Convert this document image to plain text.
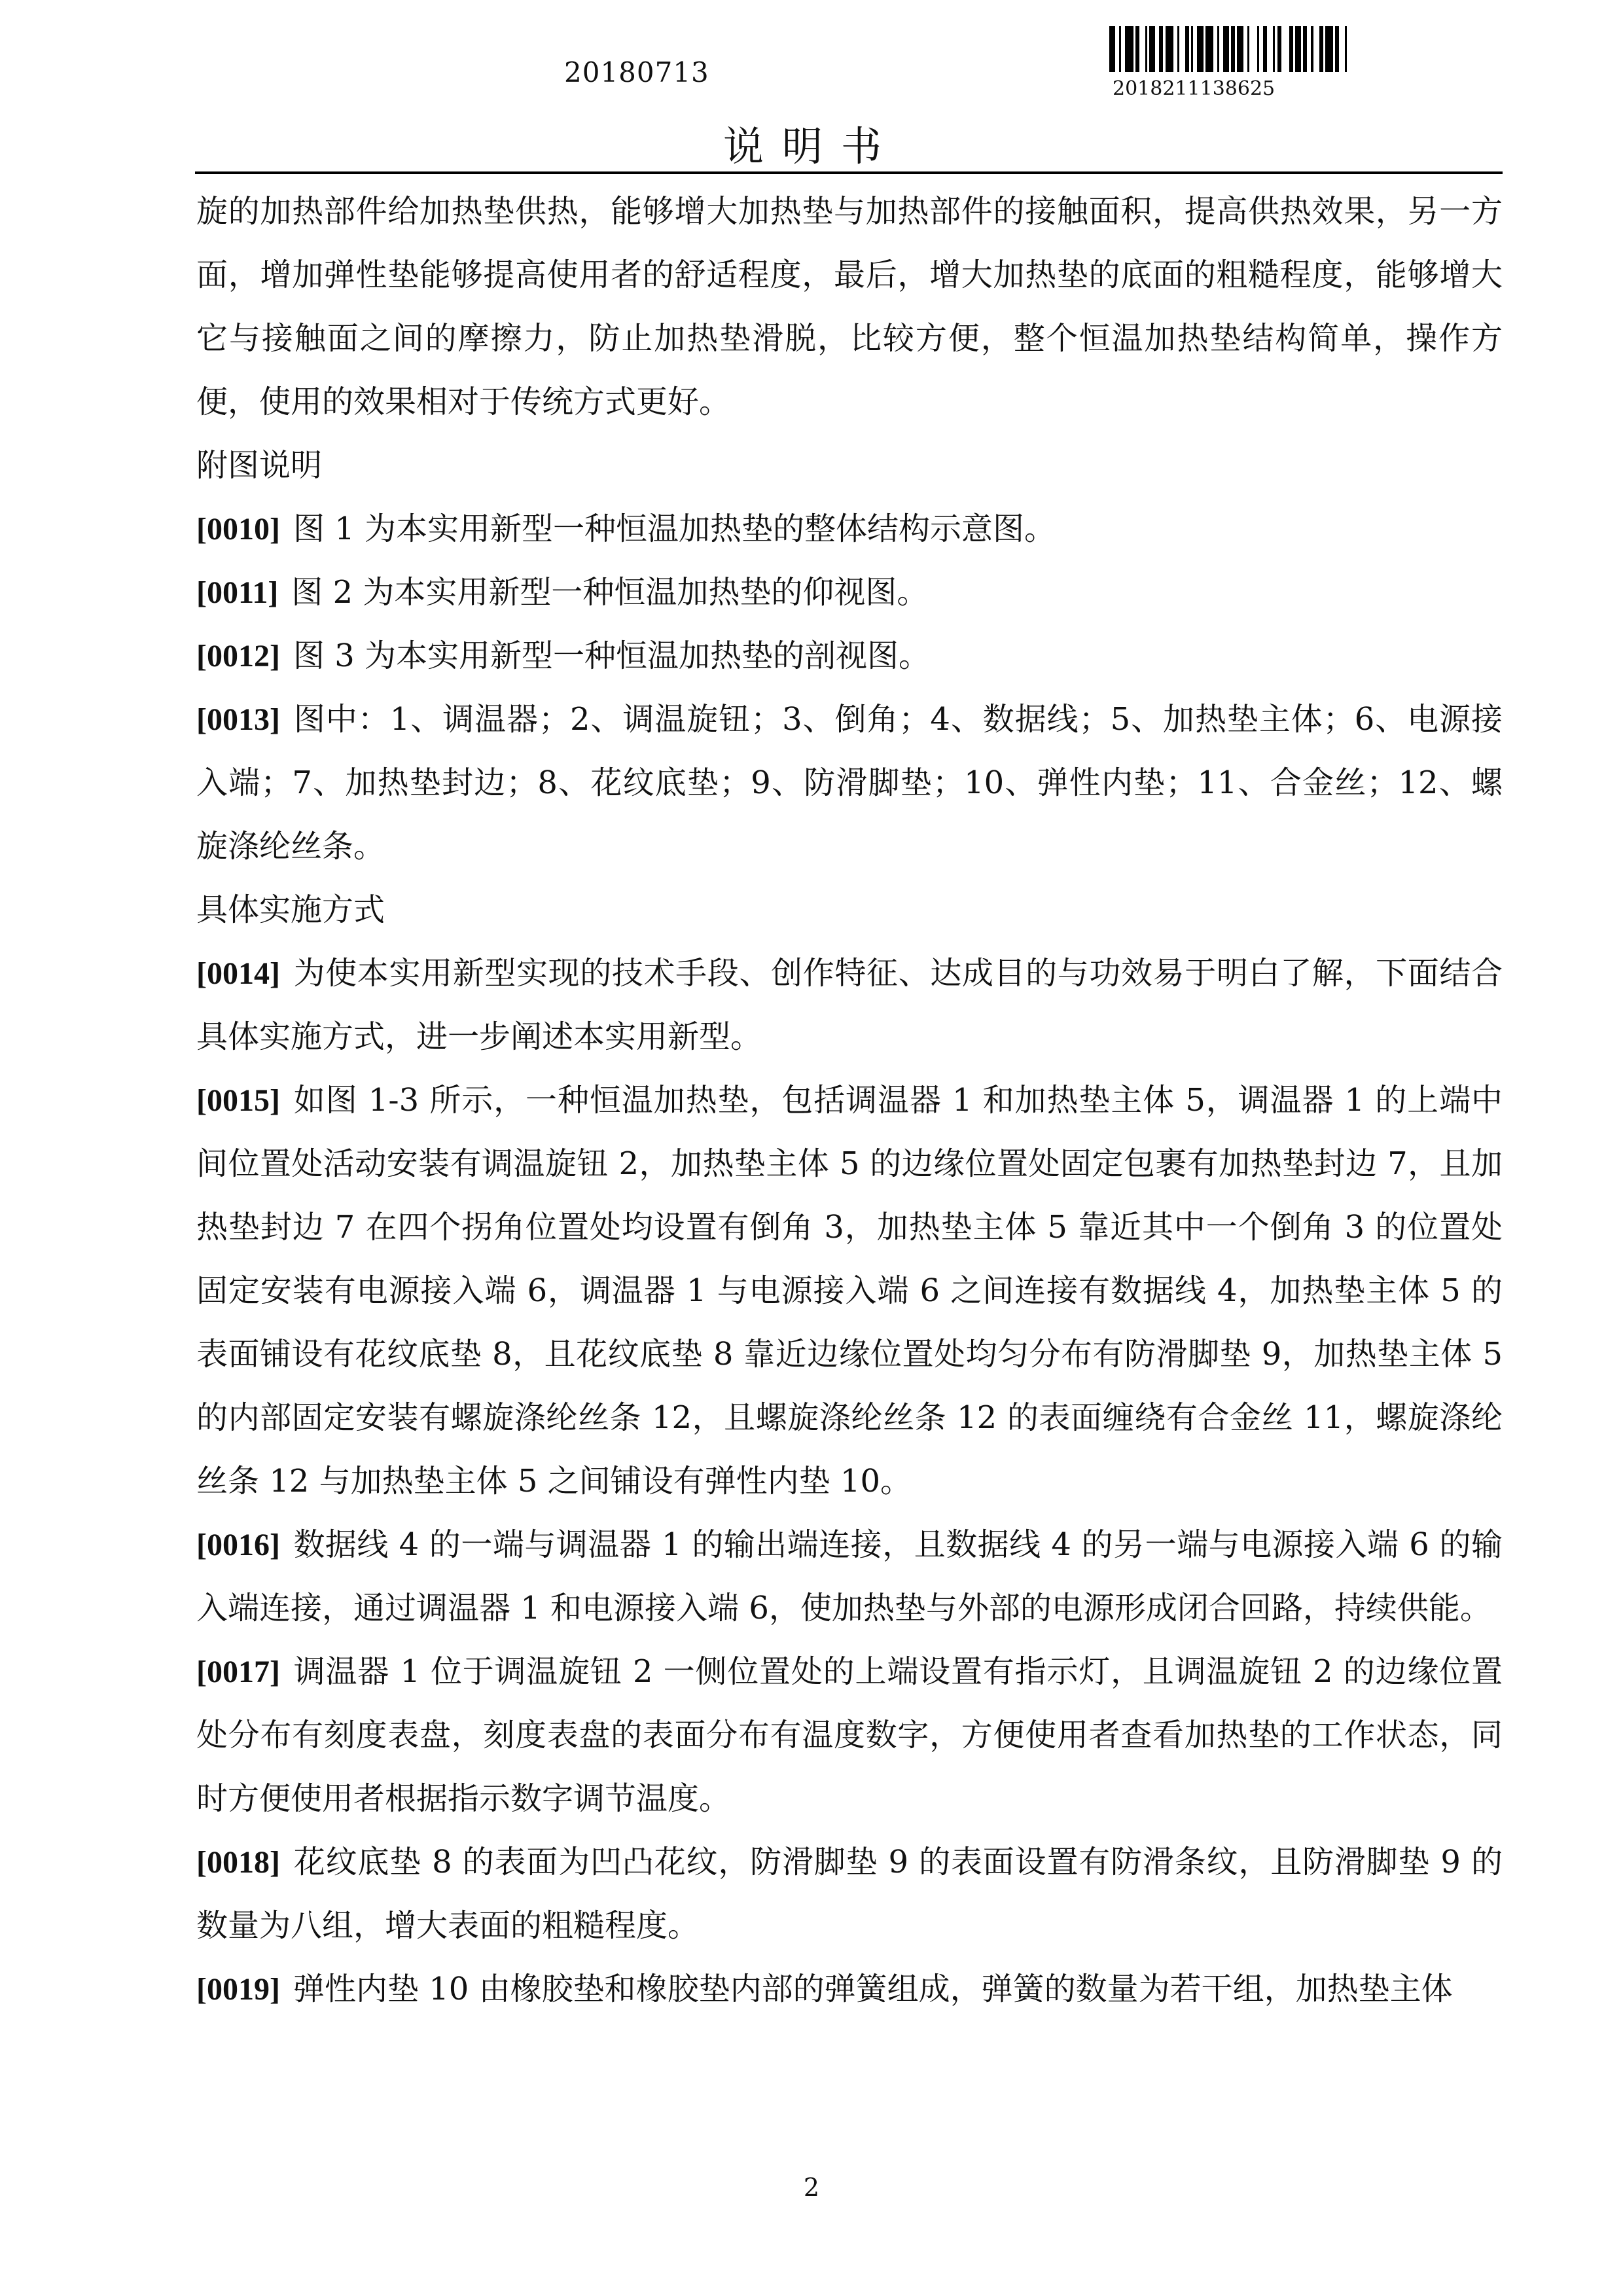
20180713
2018211138625
说明书

旋的加热部件给加热垫供热，能够增大加热垫与加热部件的接触面积，提高供热效果，另一方面，增加弹性垫能够提高使用者的舒适程度，最后，增大加热垫的底面的粗糙程度，能够增大它与接触面之间的摩擦力，防止加热垫滑脱，比较方便，整个恒温加热垫结构简单，操作方便，使用的效果相对于传统方式更好。

附图说明

[0010] 图 1 为本实用新型一种恒温加热垫的整体结构示意图。

[0011] 图 2 为本实用新型一种恒温加热垫的仰视图。

[0012] 图 3 为本实用新型一种恒温加热垫的剖视图。

[0013] 图中：1、调温器；2、调温旋钮；3、倒角；4、数据线；5、加热垫主体；6、电源接入端；7、加热垫封边；8、花纹底垫；9、防滑脚垫；10、弹性内垫；11、合金丝；12、螺旋涤纶丝条。

具体实施方式

[0014] 为使本实用新型实现的技术手段、创作特征、达成目的与功效易于明白了解，下面结合具体实施方式，进一步阐述本实用新型。

[0015] 如图 1-3 所示，一种恒温加热垫，包括调温器 1 和加热垫主体 5，调温器 1 的上端中间位置处活动安装有调温旋钮 2，加热垫主体 5 的边缘位置处固定包裹有加热垫封边 7，且加热垫封边 7 在四个拐角位置处均设置有倒角 3，加热垫主体 5 靠近其中一个倒角 3 的位置处固定安装有电源接入端 6，调温器 1 与电源接入端 6 之间连接有数据线 4，加热垫主体 5 的表面铺设有花纹底垫 8，且花纹底垫 8 靠近边缘位置处均匀分布有防滑脚垫 9，加热垫主体 5 的内部固定安装有螺旋涤纶丝条 12，且螺旋涤纶丝条 12 的表面缠绕有合金丝 11，螺旋涤纶丝条 12 与加热垫主体 5 之间铺设有弹性内垫 10。

[0016] 数据线 4 的一端与调温器 1 的输出端连接，且数据线 4 的另一端与电源接入端 6 的输入端连接，通过调温器 1 和电源接入端 6，使加热垫与外部的电源形成闭合回路，持续供能。

[0017] 调温器 1 位于调温旋钮 2 一侧位置处的上端设置有指示灯，且调温旋钮 2 的边缘位置处分布有刻度表盘，刻度表盘的表面分布有温度数字，方便使用者查看加热垫的工作状态，同时方便使用者根据指示数字调节温度。

[0018] 花纹底垫 8 的表面为凹凸花纹，防滑脚垫 9 的表面设置有防滑条纹，且防滑脚垫 9 的数量为八组，增大表面的粗糙程度。

[0019] 弹性内垫 10 由橡胶垫和橡胶垫内部的弹簧组成，弹簧的数量为若干组，加热垫主体

2
